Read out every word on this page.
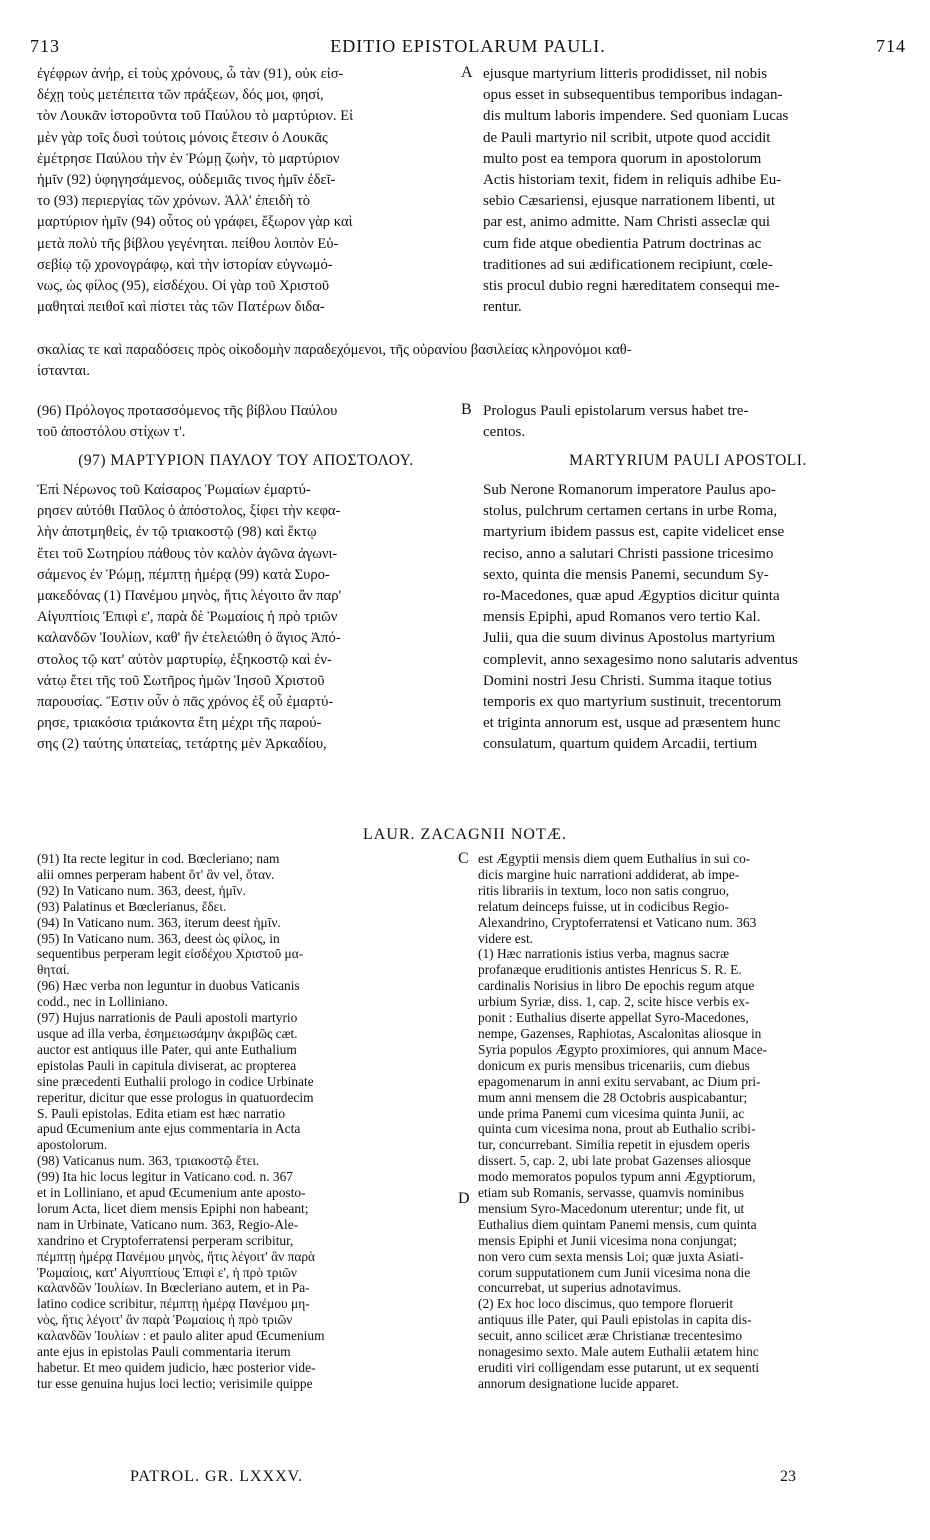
713	EDITIO EPISTOLARUM PAULI.	714

ἐγέφρων ἀνήρ, εἰ τοὺς χρόνους, ὦ τὰν (91), οὐκ εἰσ-
δέχῃ τοὺς μετέπειτα τῶν πράξεων, δός μοι, φησί,
τὸν Λουκᾶν ἱστοροῦντα τοῦ Παύλου τὸ μαρτύριον. Εἰ
μὲν γὰρ τοῖς δυσὶ τούτοις μόνοις ἔτεσιν ὁ Λουκᾶς
ἐμέτρησε Παύλου τὴν ἐν Ῥώμῃ ζωὴν, τὸ μαρτύριον
ἡμῖν (92) ὑφηγησάμενος, οὐδεμιᾶς τινος ἡμῖν ἐδεῖ-
το (93) περιεργίας τῶν χρόνων. Ἀλλ' ἐπειδὴ τὸ
μαρτύριον ἡμῖν (94) οὗτος οὐ γράφει, ἔξωρον γὰρ καὶ
μετὰ πολὺ τῆς βίβλου γεγένηται. πείθου λοιπὸν Εὐ-
σεβίῳ τῷ χρονογράφῳ, καὶ τὴν ἱστορίαν εὐγνωμό-
νως, ὡς φίλος (95), εἰσδέχου. Οἱ γὰρ τοῦ Χριστοῦ
μαθηταὶ πειθοῖ καὶ πίστει τὰς τῶν Πατέρων διδα-

A ejusque martyrium litteris prodidisset, nil nobis
opus esset in subsequentibus temporibus indagan-
dis multum laboris impendere. Sed quoniam Lucas
de Pauli martyrio nil scribit, utpote quod accidit
multo post ea tempora quorum in apostolorum
Actis historiam texit, fidem in reliquis adhibe Eu-
sebio Cæsariensi, ejusque narrationem libenti, ut
par est, animo admitte. Nam Christi asseclæ qui
cum fide atque obedientia Patrum doctrinas ac
traditiones ad sui ædificationem recipiunt, cœle-
stis procul dubio regni hæreditatem consequi me-
rentur.

σκαλίας τε καὶ παραδόσεις πρὸς οἰκοδομὴν παραδεχόμενοι, τῆς οὐρανίου βασιλείας κληρονόμοι καθ-
ίστανται.

(96) Πρόλογος προτασσόμενος τῆς βίβλου Παύλου
τοῦ ἀποστόλου στίχων τ'.

B Prologus Pauli epistolarum versus habet tre-
centos.

(97) ΜΑΡΤΥΡΙΟΝ ΠΑΥΛΟΥ ΤΟΥ ΑΠΟΣΤΟΛΟΥ.	MARTYRIUM PAULI APOSTOLI.

Ἐπὶ Νέρωνος τοῦ Καίσαρος Ῥωμαίων ἐμαρτύ-
ρησεν αὐτόθι Παῦλος ὁ ἀπόστολος, ξίφει τὴν κεφα-
λὴν ἀποτμηθεὶς, ἐν τῷ τριακοστῷ (98) καὶ ἕκτῳ
ἔτει τοῦ Σωτηρίου πάθους τὸν καλὸν ἀγῶνα ἀγωνι-
σάμενος ἐν Ῥώμῃ, πέμπτῃ ἡμέρᾳ (99) κατὰ Συρο-
μακεδόνας (1) Πανέμου μηνὸς, ἥτις λέγοιτο ἂν παρ'
Αἰγυπτίοις Ἐπιφὶ ε', παρὰ δὲ Ῥωμαίοις ἡ πρὸ τριῶν
καλανδῶν Ἰουλίων, καθ' ἣν ἐτελειώθη ὁ ἅγιος Ἀπό-
στολος τῷ κατ' αὐτὸν μαρτυρίῳ, ἑξηκοστῷ καὶ ἐν-
νάτῳ ἔτει τῆς τοῦ Σωτῆρος ἡμῶν Ἰησοῦ Χριστοῦ
παρουσίας. Ἔστιν οὖν ὁ πᾶς χρόνος ἐξ οὗ ἐμαρτύ-
ρησε, τριακόσια τριάκοντα ἔτη μέχρι τῆς παρού-
σης (2) ταύτης ὑπατείας, τετάρτης μὲν Ἀρκαδίου,

Sub Nerone Romanorum imperatore Paulus apo-
stolus, pulchrum certamen certans in urbe Roma,
martyrium ibidem passus est, capite videlicet ense
reciso, anno a salutari Christi passione tricesimo
sexto, quinta die mensis Panemi, secundum Sy-
ro-Macedones, quæ apud Ægyptios dicitur quinta
mensis Epiphi, apud Romanos vero tertio Kal.
Julii, qua die suum divinus Apostolus martyrium
complevit, anno sexagesimo nono salutaris adventus
Domini nostri Jesu Christi. Summa itaque totius
temporis ex quo martyrium sustinuit, trecentorum
et triginta annorum est, usque ad præsentem hunc
consulatum, quartum quidem Arcadii, tertium

LAUR. ZACAGNII NOTÆ.

(91) Ita recte legitur in cod. Bœcleriano; nam
alii omnes perperam habent ὅτ' ἂν vel, ὅταν.
(92) In Vaticano num. 363, deest, ἡμῖν.
(93) Palatinus et Bœclerianus, ἔδει.
(94) In Vaticano num. 363, iterum deest ἡμῖν.
(95) In Vaticano num. 363, deest ὡς φίλος, in
sequentibus perperam legit εἰσδέχου Χριστοῦ μα-
θηταί.
(96) Hæc verba non leguntur in duobus Vaticanis
codd., nec in Lolliniano.
(97) Hujus narrationis de Pauli apostoli martyrio
usque ad illa verba, ἐσημειωσάμην ἀκριβῶς cæt.
auctor est antiquus ille Pater, qui ante Euthalium
epistolas Pauli in capitula diviserat, ac propterea
sine præcedenti Euthalii prologo in codice Urbinate
reperitur, dicitur que esse prologus in quatuordecim
S. Pauli epistolas. Edita etiam est hæc narratio
apud Œcumenium ante ejus commentaria in Acta
apostolorum.
(98) Vaticanus num. 363, τριακοστῷ ἔτει.
(99) Ita hic locus legitur in Vaticano cod. n. 367
et in Lolliniano, et apud Œcumenium ante aposto-
lorum Acta, licet diem mensis Epiphi non habeant;
nam in Urbinate, Vaticano num. 363, Regio-Ale-
xandrino et Cryptoferratensi perperam scribitur,
πέμπτῃ ἡμέρᾳ Πανέμου μηνὸς, ἥτις λέγοιτ' ἂν παρὰ
Ῥωμαίοις, κατ' Αἰγυπτίους Ἐπιφὶ ε', ἡ πρὸ τριῶν
καλανδῶν Ἰουλίων. In Bœcleriano autem, et in Pa-
latino codice scribitur, πέμπτῃ ἡμέρᾳ Πανέμου μη-
νὸς, ἥτις λέγοιτ' ἂν παρὰ Ῥωμαίοις ἡ πρὸ τριῶν
καλανδῶν Ἰουλίων : et paulo aliter apud Œcumenium
ante ejus in epistolas Pauli commentaria iterum
habetur. Et meo quidem judicio, hæc posterior vide-
tur esse genuina hujus loci lectio; verisimile quippe

C
D

est Ægyptii mensis diem quem Euthalius in sui co-
dicis margine huic narrationi addiderat, ab impe-
ritis librariis in textum, loco non satis congruo,
relatum deinceps fuisse, ut in codicibus Regio-
Alexandrino, Cryptoferratensi et Vaticano num. 363
videre est.
(1) Hæc narrationis istius verba, magnus sacræ
profanæque eruditionis antistes Henricus S. R. E.
cardinalis Norisius in libro De epochis regum atque
urbium Syriæ, diss. 1, cap. 2, scite hisce verbis ex-
ponit : Euthalius diserte appellat Syro-Macedones,
nempe, Gazenses, Raphiotas, Ascalonitas aliosque in
Syria populos Ægypto proximiores, qui annum Mace-
donicum ex puris mensibus tricenariis, cum diebus
epagomenarum in anni exitu servabant, ac Dium pri-
mum anni mensem die 28 Octobris auspicabantur;
unde prima Panemi cum vicesima quinta Junii, ac
quinta cum vicesima nona, prout ab Euthalio scribi-
tur, concurrebant. Similia repetit in ejusdem operis
dissert. 5, cap. 2, ubi late probat Gazenses aliosque
modo memoratos populos typum anni Ægyptiorum,
etiam sub Romanis, servasse, quamvis nominibus
mensium Syro-Macedonum uterentur; unde fit, ut
Euthalius diem quintam Panemi mensis, cum quinta
mensis Epiphi et Junii vicesima nona conjungat;
non vero cum sexta mensis Loi; quæ juxta Asiati-
corum supputationem cum Junii vicesima nona die
concurrebat, ut superius adnotavimus.
(2) Ex hoc loco discimus, quo tempore floruerit
antiquus ille Pater, qui Pauli epistolas in capita dis-
secuit, anno scilicet æræ Christianæ trecentesimo
nonagesimo sexto. Male autem Euthalii ætatem hinc
eruditi viri colligendam esse putarunt, ut ex sequenti
annorum designatione lucide apparet.

PATROL. GR. LXXXV.	23
